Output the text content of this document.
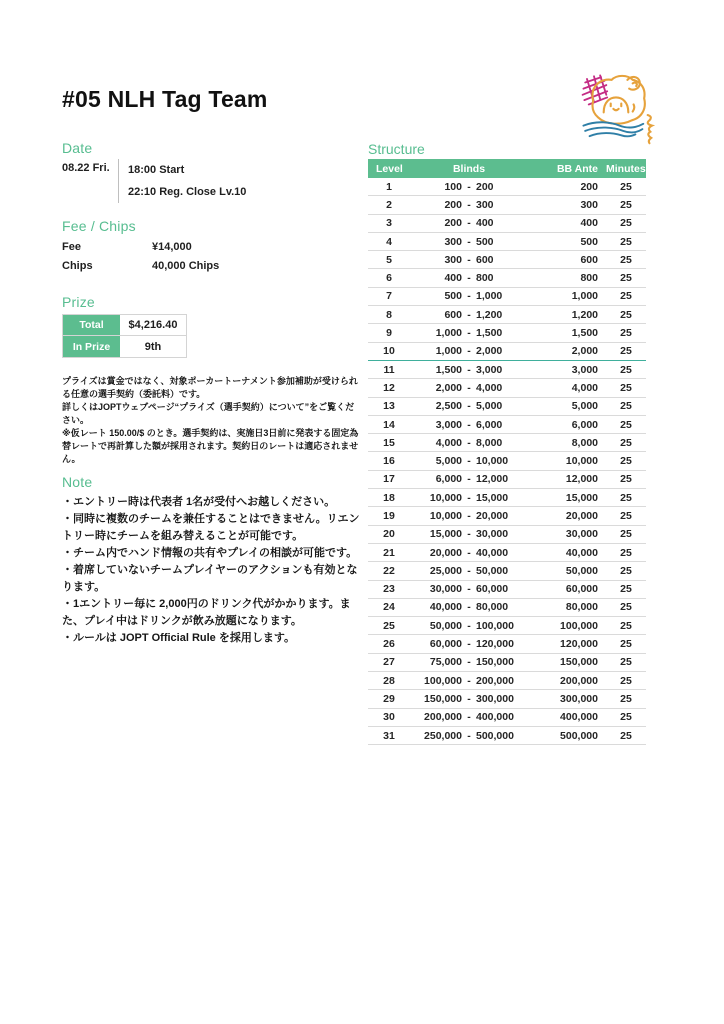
#05 NLH Tag Team
Date
08.22 Fri.	18:00 Start
22:10 Reg. Close Lv.10
Fee / Chips
Fee	¥14,000
Chips	40,000 Chips
Prize
Total	$4,216.40
In Prize	9th

プライズは賞金ではなく、対象ポーカートーナメント参加補助が受けられる任意の選手契約（委託料）です。

詳しくはJOPTウェブページ“プライズ（選手契約）について”をご覧ください。

※仮レート 150.00/$ のとき。選手契約は、実施日3日前に発表する固定為替レートで再計算した額が採用されます。契約日のレートは適応されません。

Note

・エントリー時は代表者 1名が受付へお越しください。

・同時に複数のチームを兼任することはできません。リエントリー時にチームを組み替えることが可能です。

・チーム内でハンド情報の共有やプレイの相談が可能です。

・着席していないチームプレイヤーのアクションも有効となります。

・1エントリー毎に 2,000円のドリンク代がかかります。また、プレイ中はドリンクが飲み放題になります。

・ルールは JOPT Official Rule を採用します。

Structure
Level	Blinds	BB Ante Minutes
1	100 - 200	200	25
2	200 - 300	300	25
3	200 - 400	400	25
4	300 - 500	500	25
5	300 - 600	600	25
6	400 - 800	800	25
7	500 - 1,000	1,000	25
8	600 - 1,200	1,200	25
9	1,000 - 1,500	1,500	25
10	1,000 - 2,000	2,000	25
11	1,500 - 3,000	3,000	25
12	2,000 - 4,000	4,000	25
13	2,500 - 5,000	5,000	25
14	3,000 - 6,000	6,000	25
15	4,000 - 8,000	8,000	25
16	5,000 - 10,000	10,000	25
17	6,000 - 12,000	12,000	25
18	10,000 - 15,000	15,000	25
19	10,000 - 20,000	20,000	25
20	15,000 - 30,000	30,000	25
21	20,000 - 40,000	40,000	25
22	25,000 - 50,000	50,000	25
23	30,000 - 60,000	60,000	25
24	40,000 - 80,000	80,000	25
25	50,000 - 100,000	100,000	25
26	60,000 - 120,000	120,000	25
27	75,000 - 150,000	150,000	25
28	100,000 - 200,000	200,000	25
29	150,000 - 300,000	300,000	25
30	200,000 - 400,000	400,000	25
31	250,000 - 500,000	500,000	25
